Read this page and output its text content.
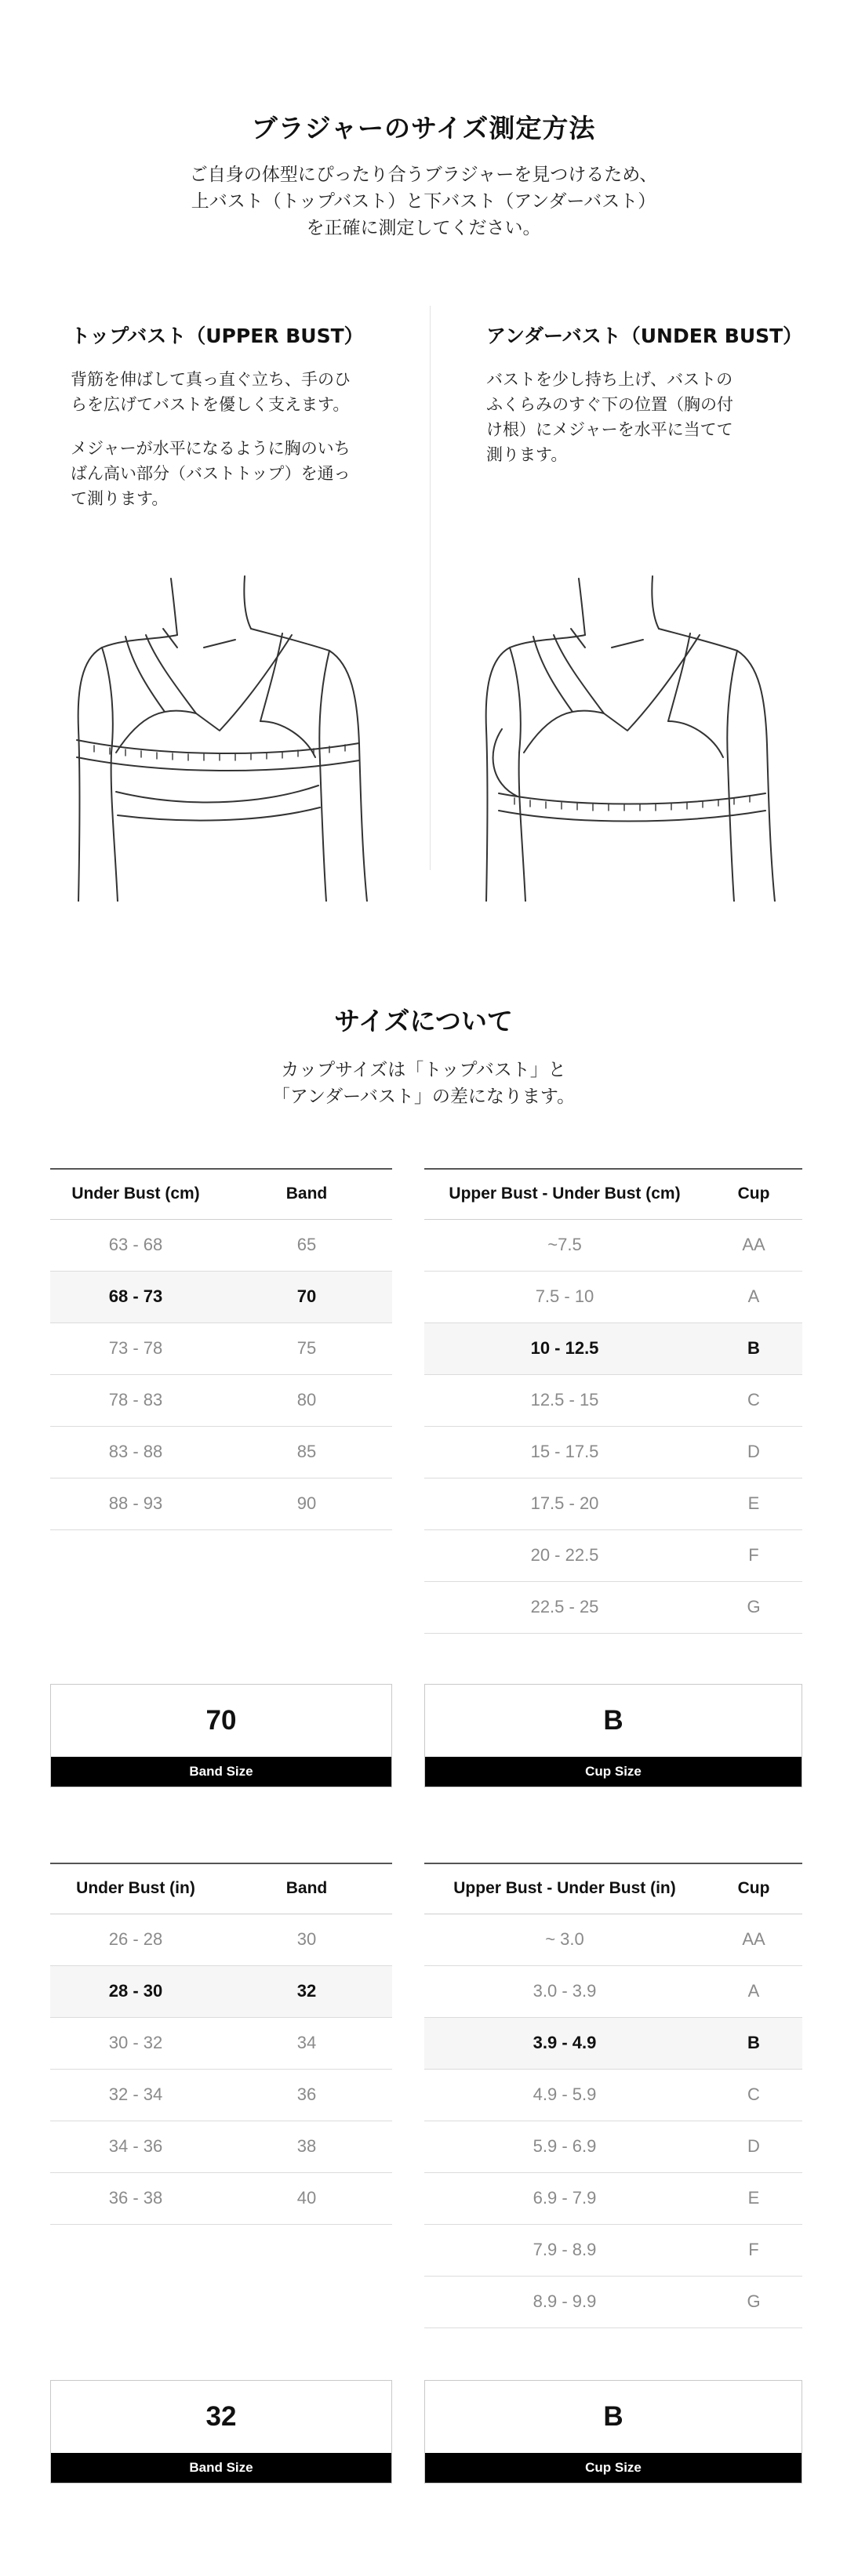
ブラジャーのサイズ測定方法
ご自身の体型にぴったり合うブラジャーを見つけるため、
上バスト（トップバスト）と下バスト（アンダーバスト）
を正確に測定してください。
トップバスト（UPPER BUST）
背筋を伸ばして真っ直ぐ立ち、手のひ
らを広げてバストを優しく支えます。
メジャーが水平になるように胸のいち
ばん高い部分（バストトップ）を通っ
て測ります。
アンダーバスト（UNDER BUST）
バストを少し持ち上げ、バストの
ふくらみのすぐ下の位置（胸の付
け根）にメジャーを水平に当てて
測ります。
サイズについて
カップサイズは「トップバスト」と
「アンダーバスト」の差になります。
Under Bust (cm)	Band
63 - 68	65
68 - 73	70
73 - 78	75
78 - 83	80
83 - 88	85
88 - 93	90
Upper Bust - Under Bust (cm)	Cup
~7.5	AA
7.5 - 10	A
10 - 12.5	B
12.5 - 15	C
15 - 17.5	D
17.5 - 20	E
20 - 22.5	F
22.5 - 25	G
70
Band Size
B
Cup Size
Under Bust (in)	Band
26 - 28	30
28 - 30	32
30 - 32	34
32 - 34	36
34 - 36	38
36 - 38	40
Upper Bust - Under Bust (in)	Cup
~ 3.0	AA
3.0 - 3.9	A
3.9 - 4.9	B
4.9 - 5.9	C
5.9 - 6.9	D
6.9 - 7.9	E
7.9 - 8.9	F
8.9 - 9.9	G
32
Band Size
B
Cup Size
